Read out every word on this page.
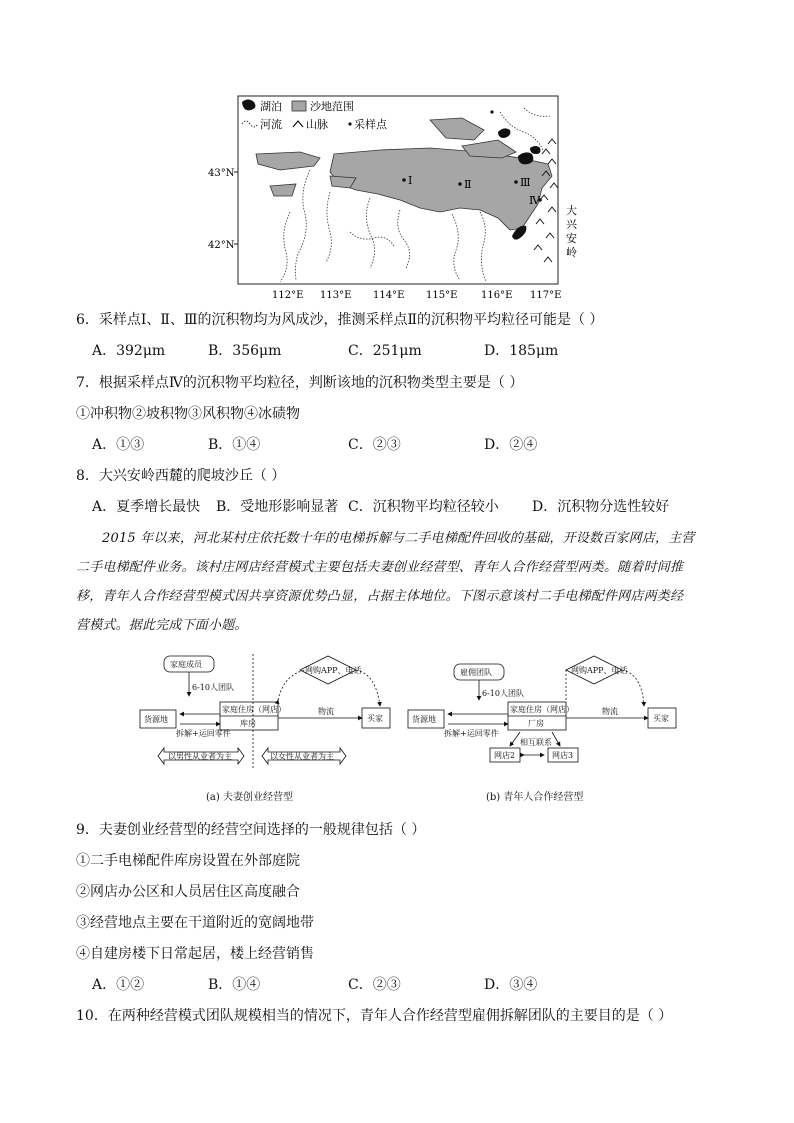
湖泊	沙地范围
河流 山脉 采样点
Ⅰ	Ⅱ	Ⅲ
Ⅳ
大
兴
安
岭
43°N
42°N
112°E 113°E 114°E 115°E 116°E 117°E
6．采样点Ⅰ、Ⅱ、Ⅲ的沉积物均为风成沙，推测采样点Ⅱ的沉积物平均粒径可能是（ ）
A．392μm	B．356μm	C．251μm	D．185μm
7．根据采样点Ⅳ的沉积物平均粒径，判断该地的沉积物类型主要是（ ）
①冲积物②坡积物③风积物④冰碛物
A．①③	B．①④	C．②③	D．②④
8．大兴安岭西麓的爬坡沙丘（ ）
A．夏季增长最快 B．受地形影响显著 C．沉积物平均粒径较小 D．沉积物分选性较好
2015 年以来，河北某村庄依托数十年的电梯拆解与二手电梯配件回收的基础，开设数百家网店，主营
二手电梯配件业务。该村庄网店经营模式主要包括夫妻创业经营型、青年人合作经营型两类。随着时间推
移，青年人合作经营型模式因共享资源优势凸显，占据主体地位。下图示意该村二手电梯配件网店两类经
营模式。据此完成下面小题。
家庭成员
6-10人团队
货源地
拆解+运回零件
家庭住房（网店）
库房
网购APP、电话
物流
买家
以男性从业者为主	以女性从业者为主
(a) 夫妻创业经营型
雇佣团队
6-10人团队
货源地
拆解+运回零件
家庭住房（网店）
厂房
网购APP、电话
物流
买家
相互联系
网店2	网店3
(b) 青年人合作经营型
9．夫妻创业经营型的经营空间选择的一般规律包括（ ）
①二手电梯配件库房设置在外部庭院
②网店办公区和人员居住区高度融合
③经营地点主要在干道附近的宽阔地带
④自建房楼下日常起居，楼上经营销售
A．①②	B．①④	C．②③	D．③④
10．在两种经营模式团队规模相当的情况下，青年人合作经营型雇佣拆解团队的主要目的是（ ）
